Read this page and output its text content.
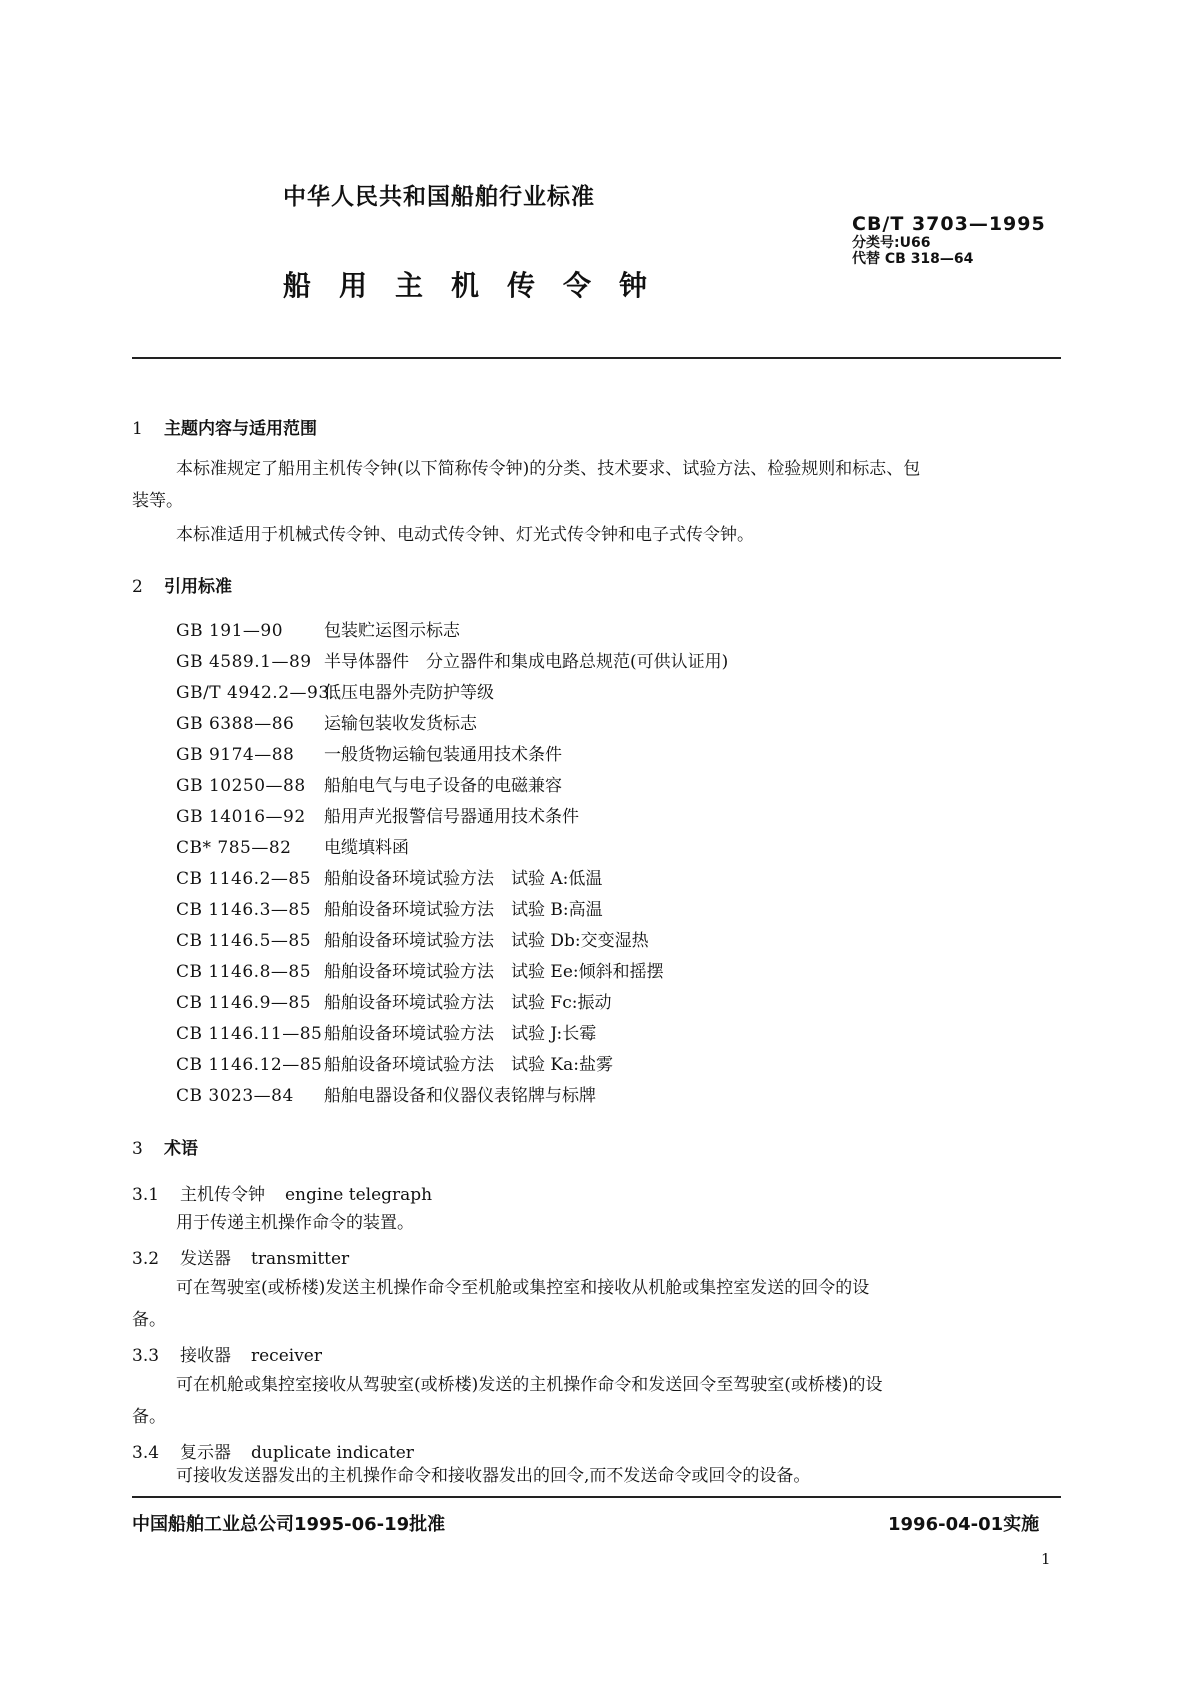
中华人民共和国船舶行业标准
船用主机传令钟
CB/T 3703—1995
分类号:U66
代替 CB 318—64
1 主题内容与适用范围
本标准规定了船用主机传令钟(以下简称传令钟)的分类、技术要求、试验方法、检验规则和标志、包
装等。
本标准适用于机械式传令钟、电动式传令钟、灯光式传令钟和电子式传令钟。
2 引用标准
GB 191—90 包装贮运图示标志
GB 4589.1—89 半导体器件　分立器件和集成电路总规范(可供认证用)
GB/T 4942.2—93低压电器外壳防护等级
GB 6388—86 运输包装收发货标志
GB 9174—88 一般货物运输包装通用技术条件
GB 10250—88 船舶电气与电子设备的电磁兼容
GB 14016—92 船用声光报警信号器通用技术条件
CB* 785—82 电缆填料函
CB 1146.2—85 船舶设备环境试验方法　试验 A:低温
CB 1146.3—85 船舶设备环境试验方法　试验 B:高温
CB 1146.5—85 船舶设备环境试验方法　试验 Db:交变湿热
CB 1146.8—85 船舶设备环境试验方法　试验 Ee:倾斜和摇摆
CB 1146.9—85 船舶设备环境试验方法　试验 Fc:振动
CB 1146.11—85船舶设备环境试验方法　试验 J:长霉
CB 1146.12—85船舶设备环境试验方法　试验 Ka:盐雾
CB 3023—84 船舶电器设备和仪器仪表铭牌与标牌
3 术语
3.1 主机传令钟 engine telegraph
用于传递主机操作命令的装置。
3.2 发送器 transmitter
可在驾驶室(或桥楼)发送主机操作命令至机舱或集控室和接收从机舱或集控室发送的回令的设
备。
3.3 接收器 receiver
可在机舱或集控室接收从驾驶室(或桥楼)发送的主机操作命令和发送回令至驾驶室(或桥楼)的设
备。
3.4 复示器 duplicate indicater
可接收发送器发出的主机操作命令和接收器发出的回令,而不发送命令或回令的设备。
中国船舶工业总公司1995-06-19批准	1996-04-01实施
1
